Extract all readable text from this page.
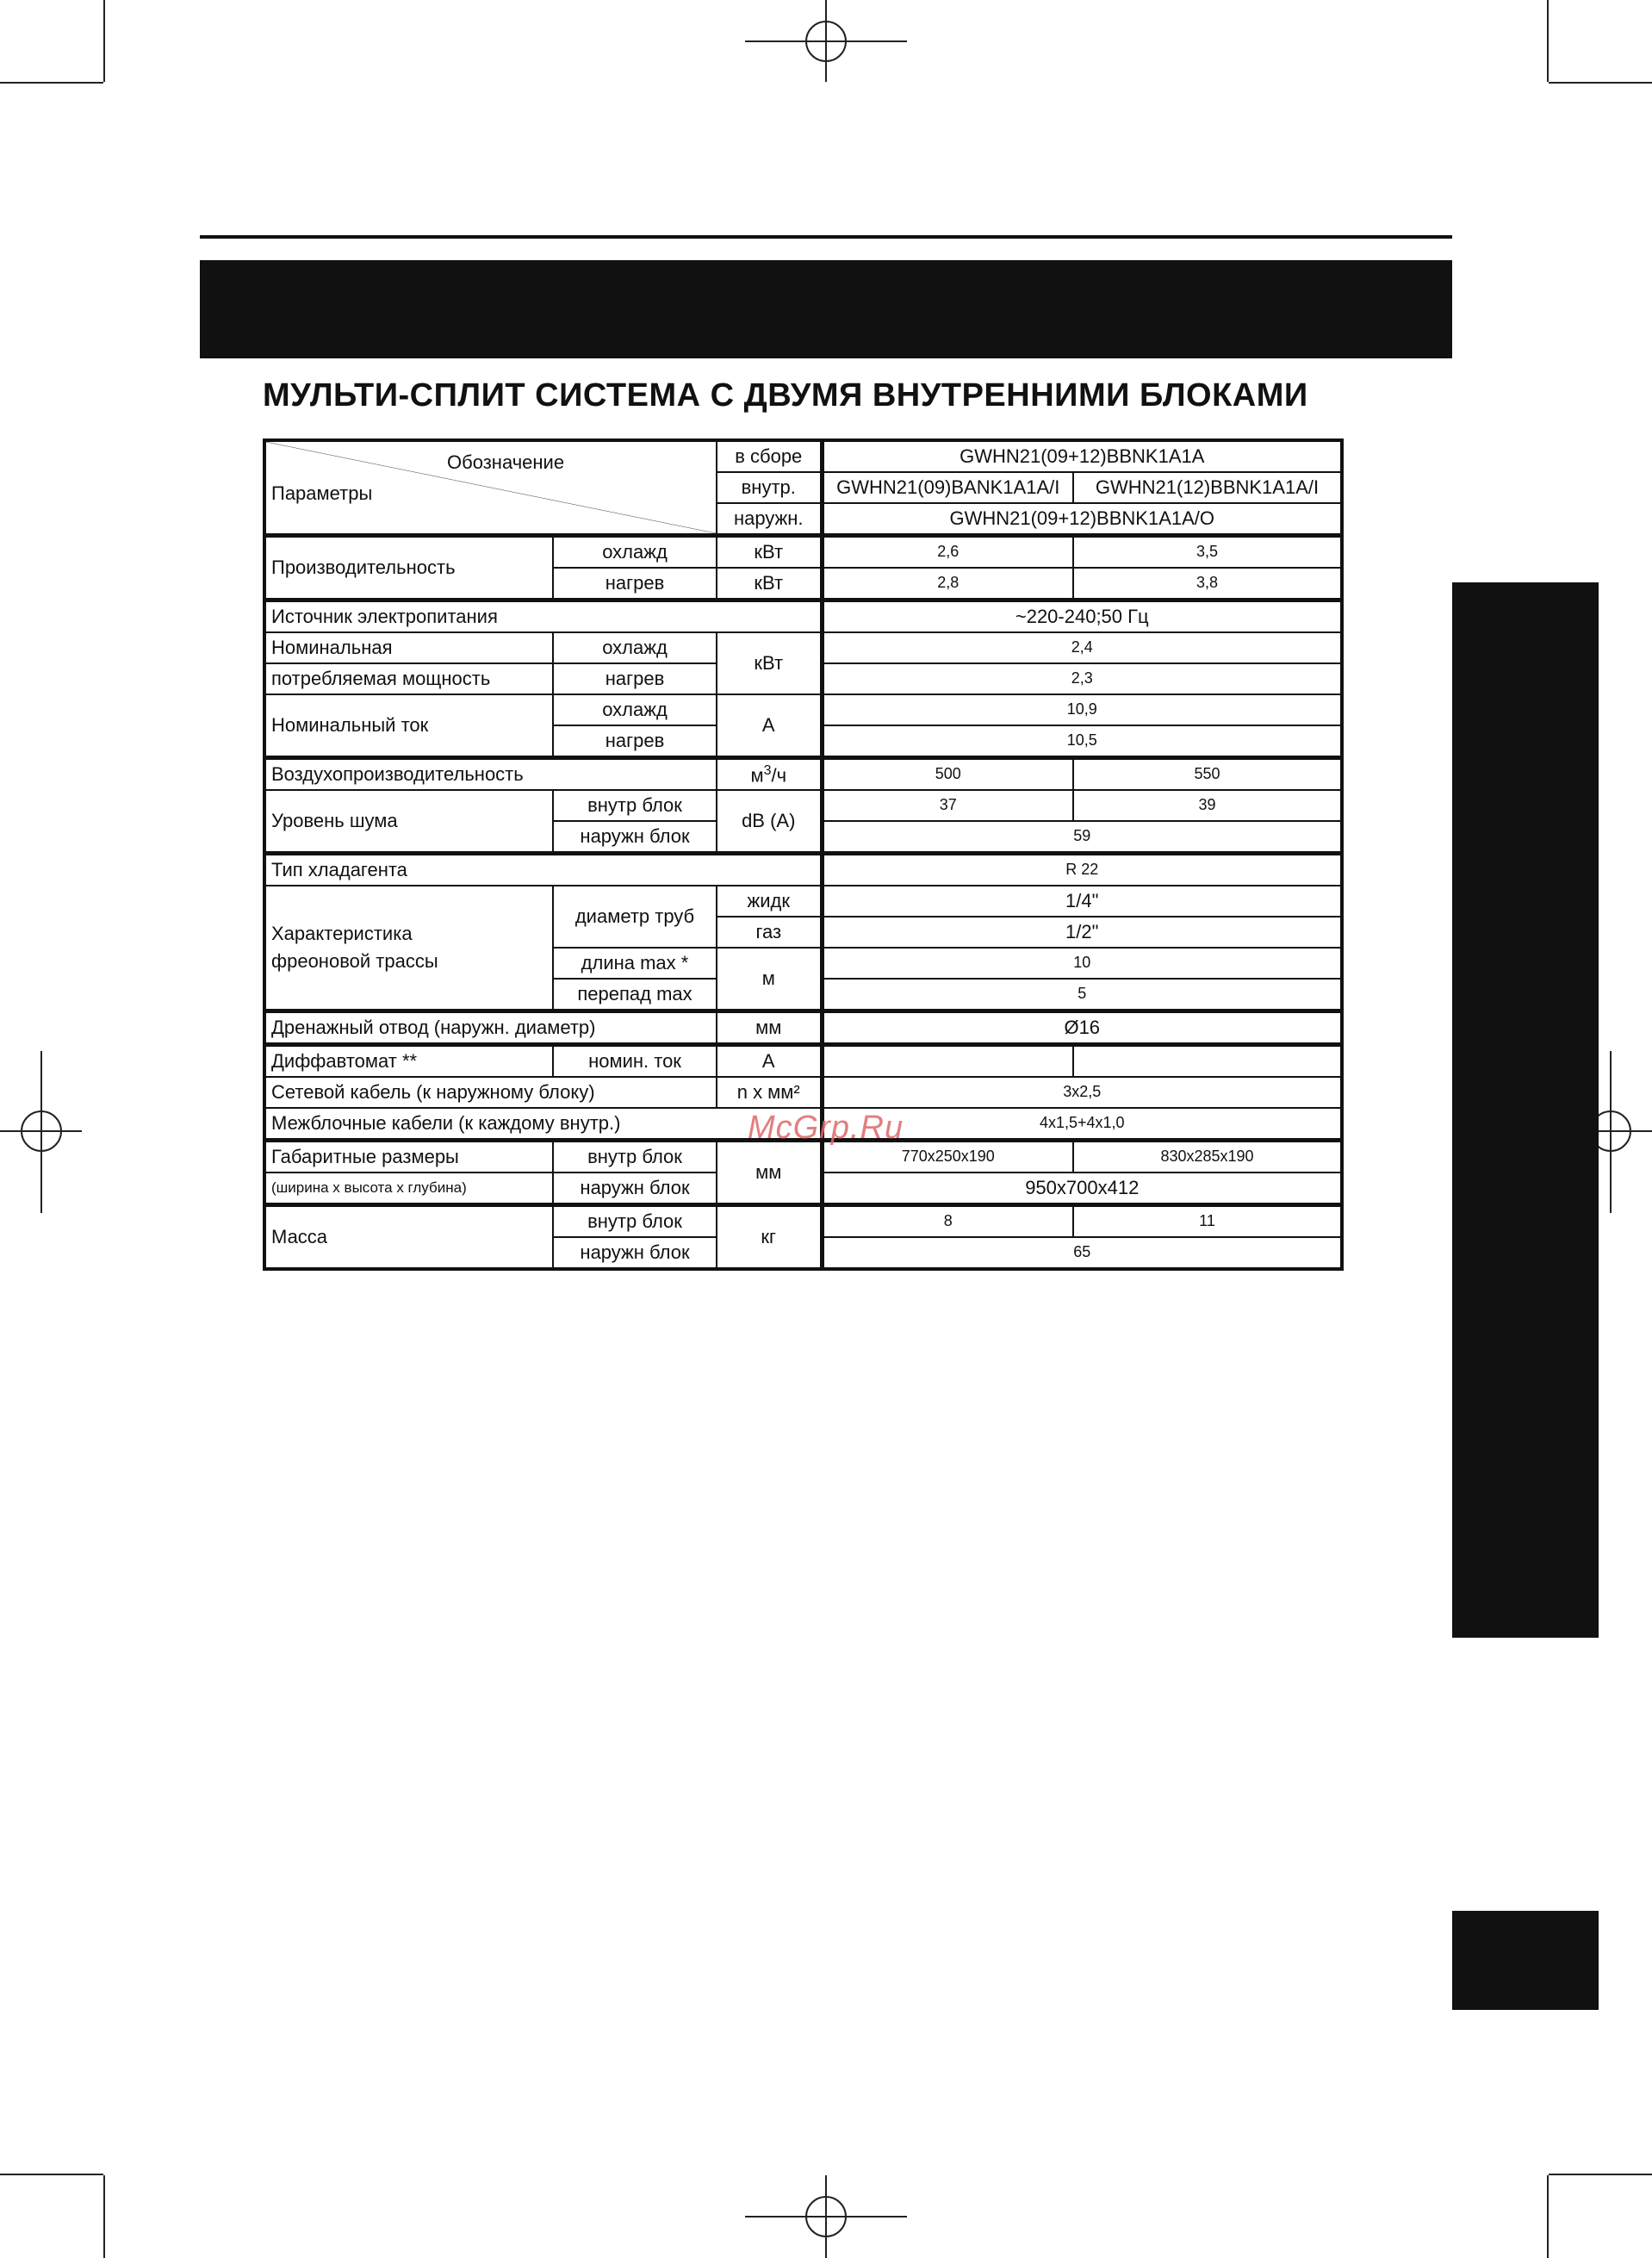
МУЛЬТИ-СПЛИТ СИСТЕМА С ДВУМЯ ВНУТРЕННИМИ БЛОКАМИ
Обозначение
Параметры		в сборе	GWHN21(09+12)BBNK1A1A	
		внутр.	GWHN21(09)BANK1A1A/I	GWHN21(12)BBNK1A1A/I
		наружн.	GWHN21(09+12)BBNK1A1A/O	
Производительность	охлажд	кВт	2,6	3,5
	нагрев	кВт	2,8	3,8
Источник электропитания			~220-240;50 Гц	
Номинальная	охлажд	кВт	2,4	
потребляемая мощность	нагрев		2,3	
Номинальный ток	охлажд	А	10,9	
	нагрев		10,5	
Воздухопроизводительность		$м^3/ч$	500	550
Уровень шума	внутр блок	dB (A)	37	39
	наружн блок		59	
Тип хладагента			R 22	

Характеристика
фреоновой трассы	диаметр труб	жидк	1/4"	
		газ	1/2"	
	длина max *	м	10	
	перепад max		5	
Дренажный отвод (наружн. диаметр)		мм	Ø16	
Диффавтомат **	номин. ток	А		
Сетевой кабель (к наружному блоку)		n x мм²	3x2,5	
Межблочные кабели (к каждому внутр.)			4x1,5+4x1,0	
Габаритные размеры	внутр блок	мм	770x250x190	830x285x190
(ширина x высота x глубина)	наружн блок		950x700x412	
Масса	внутр блок	кг	8	11
	наружн блок		65	
McGrp.Ru
